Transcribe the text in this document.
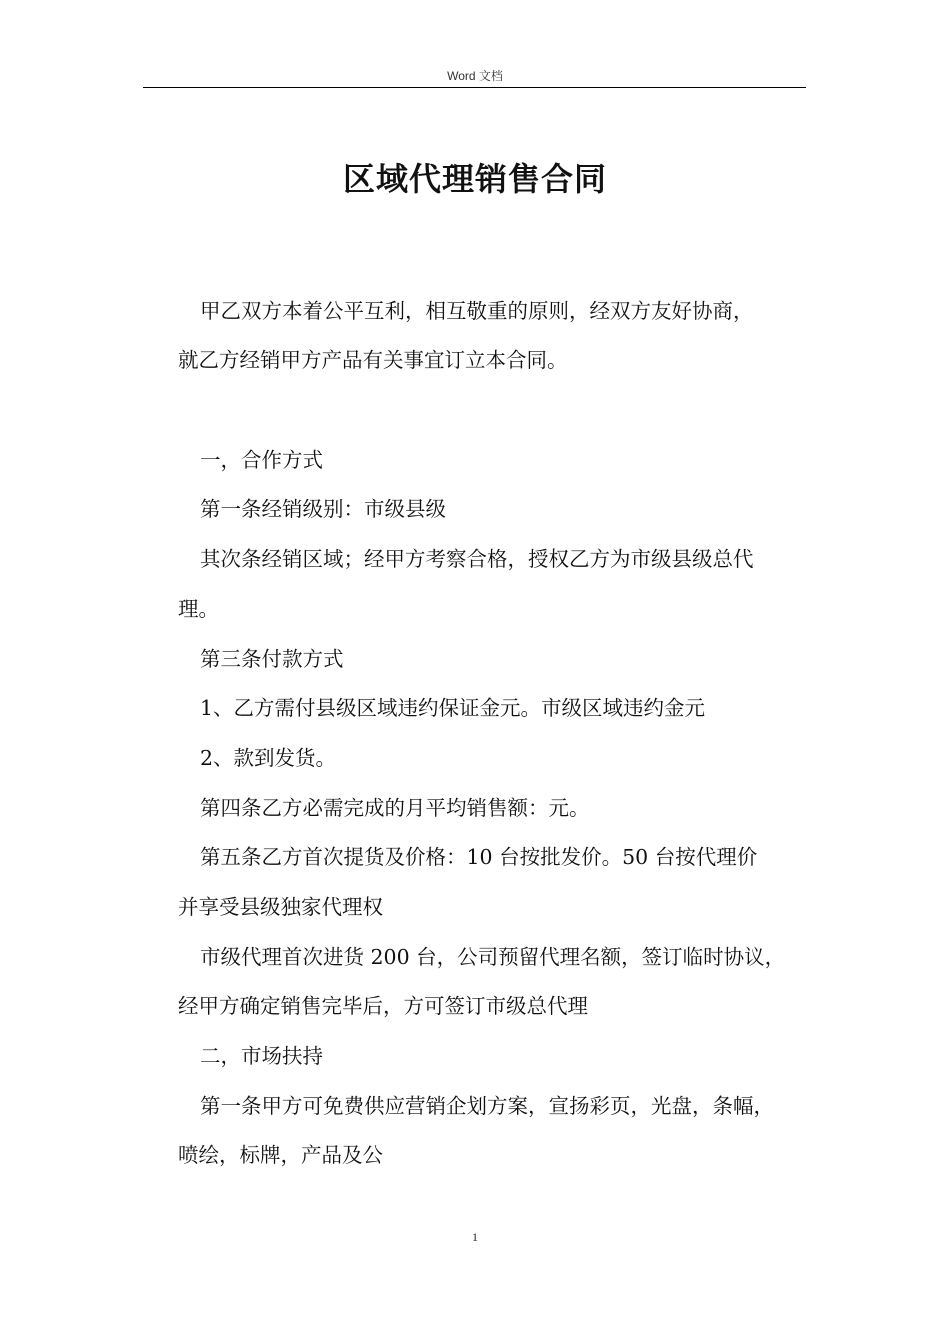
Word 文档
区域代理销售合同
甲乙双方本着公平互利，相互敬重的原则，经双方友好协商，
就乙方经销甲方产品有关事宜订立本合同。
一，合作方式
第一条经销级别：市级县级
其次条经销区域；经甲方考察合格，授权乙方为市级县级总代
理。
第三条付款方式
1、乙方需付县级区域违约保证金元。市级区域违约金元
2、款到发货。
第四条乙方必需完成的月平均销售额：元。
第五条乙方首次提货及价格：10 台按批发价。50 台按代理价
并享受县级独家代理权
市级代理首次进货 200 台，公司预留代理名额，签订临时协议，
经甲方确定销售完毕后，方可签订市级总代理
二，市场扶持
第一条甲方可免费供应营销企划方案，宣扬彩页，光盘，条幅，
喷绘，标牌，产品及公
1
